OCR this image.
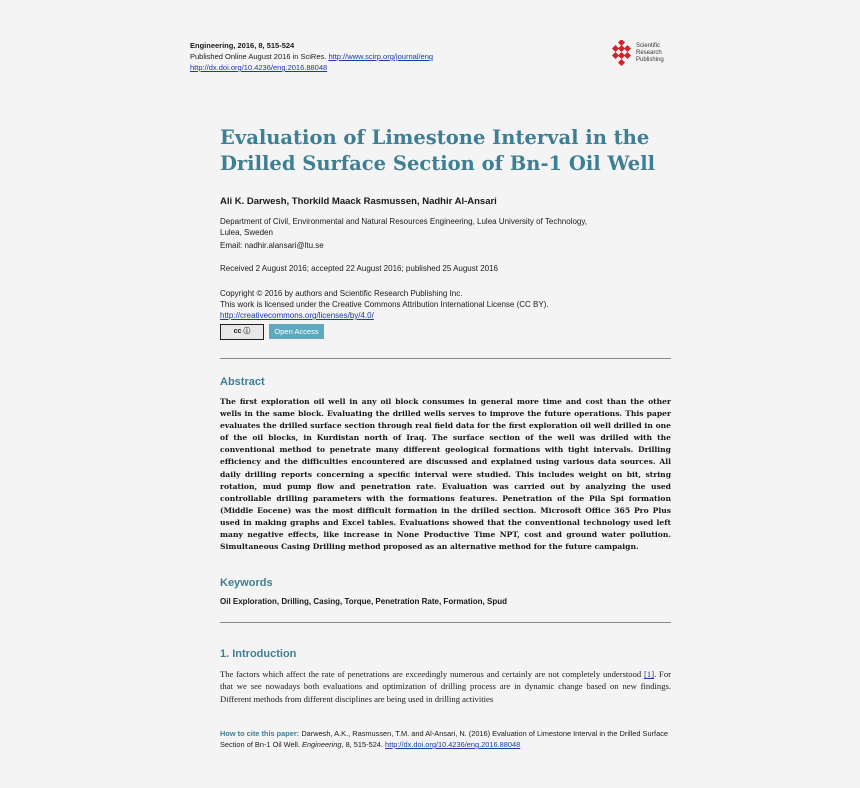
Engineering, 2016, 8, 515-524
Published Online August 2016 in SciRes. http://www.scirp.org/journal/eng
http://dx.doi.org/10.4236/eng.2016.88048
Scientific
Research
Publishing
Evaluation of Limestone Interval in the
Drilled Surface Section of Bn-1 Oil Well
Ali K. Darwesh, Thorkild Maack Rasmussen, Nadhir Al-Ansari
Department of Civil, Environmental and Natural Resources Engineering, Lulea University of Technology,
Lulea, Sweden
Email: nadhir.alansari@ltu.se
Received 2 August 2016; accepted 22 August 2016; published 25 August 2016
Copyright © 2016 by authors and Scientific Research Publishing Inc.
This work is licensed under the Creative Commons Attribution International License (CC BY).
http://creativecommons.org/licenses/by/4.0/
cc ⓘ	Open Access
Abstract
The first exploration oil well in any oil block consumes in general more time and cost than the other wells in the same block. Evaluating the drilled wells serves to improve the future operations. This paper evaluates the drilled surface section through real field data for the first exploration oil well drilled in one of the oil blocks, in Kurdistan north of Iraq. The surface section of the well was drilled with the conventional method to penetrate many different geological formations with tight intervals. Drilling efficiency and the difficulties encountered are discussed and explained using various data sources. All daily drilling reports concerning a specific interval were studied. This includes weight on bit, string rotation, mud pump flow and penetration rate. Evaluation was carried out by analyzing the used controllable drilling parameters with the formations features. Penetration of the Pila Spi formation (Middle Eocene) was the most difficult formation in the drilled section. Microsoft Office 365 Pro Plus used in making graphs and Excel tables. Evaluations showed that the conventional technology used left many negative effects, like increase in None Productive Time NPT, cost and ground water pollution. Simultaneous Casing Drilling method proposed as an alternative method for the future campaign.
Keywords
Oil Exploration, Drilling, Casing, Torque, Penetration Rate, Formation, Spud
1. Introduction
The factors which affect the rate of penetrations are exceedingly numerous and certainly are not completely understood [1]. For that we see nowadays both evaluations and optimization of drilling process are in dynamic change based on new findings. Different methods from different disciplines are being used in drilling activities
How to cite this paper: Darwesh, A.K., Rasmussen, T.M. and Al-Ansari, N. (2016) Evaluation of Limestone Interval in the Drilled Surface Section of Bn-1 Oil Well. Engineering, 8, 515-524. http://dx.doi.org/10.4236/eng.2016.88048
